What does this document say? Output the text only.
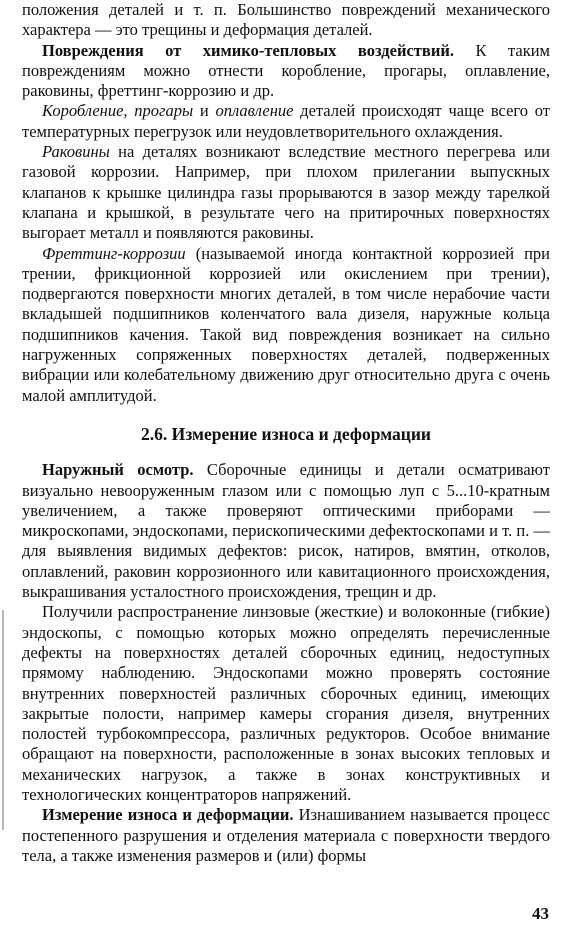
положения деталей и т. п. Большинство повреждений механического характера — это трещины и деформация деталей.

Повреждения от химико-тепловых воздействий. К таким повреждениям можно отнести коробление, прогары, оплавление, раковины, фреттинг-коррозию и др.

Коробление, прогары и оплавление деталей происходят чаще всего от температурных перегрузок или неудовлетворительного охлаждения.

Раковины на деталях возникают вследствие местного перегрева или газовой коррозии. Например, при плохом прилегании выпускных клапанов к крышке цилиндра газы прорываются в зазор между тарелкой клапана и крышкой, в результате чего на притирочных поверхностях выгорает металл и появляются раковины.

Фреттинг-коррозии (называемой иногда контактной коррозией при трении, фрикционной коррозией или окислением при трении), подвергаются поверхности многих деталей, в том числе нерабочие части вкладышей подшипников коленчатого вала дизеля, наружные кольца подшипников качения. Такой вид повреждения возникает на сильно нагруженных сопряженных поверхностях деталей, подверженных вибрации или колебательному движению друг относительно друга с очень малой амплитудой.

2.6. Измерение износа и деформации

Наружный осмотр. Сборочные единицы и детали осматривают визуально невооруженным глазом или с помощью луп с 5...10-кратным увеличением, а также проверяют оптическими приборами — микроскопами, эндоскопами, перископическими дефектоскопами и т. п. — для выявления видимых дефектов: рисок, натиров, вмятин, отколов, оплавлений, раковин коррозионного или кавитационного происхождения, выкрашивания усталостного происхождения, трещин и др.

Получили распространение линзовые (жесткие) и волоконные (гибкие) эндоскопы, с помощью которых можно определять перечисленные дефекты на поверхностях деталей сборочных единиц, недоступных прямому наблюдению. Эндоскопами можно проверять состояние внутренних поверхностей различных сборочных единиц, имеющих закрытые полости, например камеры сгорания дизеля, внутренних полостей турбокомпрессора, различных редукторов. Особое внимание обращают на поверхности, расположенные в зонах высоких тепловых и механических нагрузок, а также в зонах конструктивных и технологических концентраторов напряжений.

Измерение износа и деформации. Изнашиванием называется процесс постепенного разрушения и отделения материала с поверхности твердого тела, а также изменения размеров и (или) формы

43
